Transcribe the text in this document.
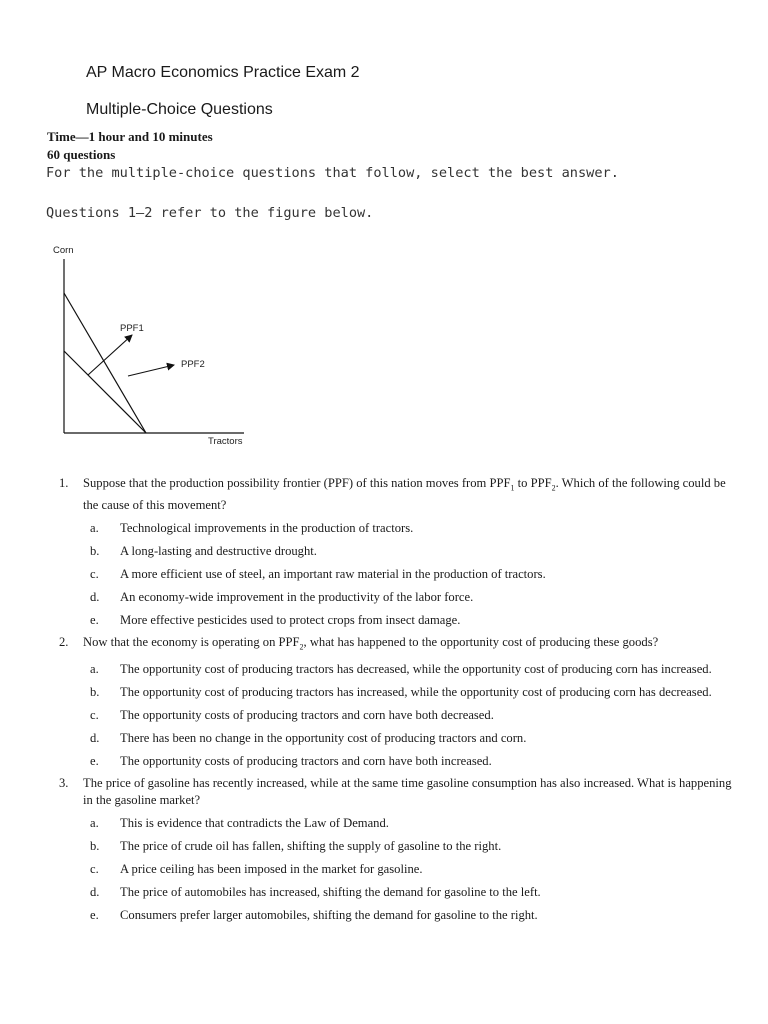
AP Macro Economics Practice Exam 2
Multiple-Choice Questions
Time—1 hour and 10 minutes
60 questions
For the multiple-choice questions that follow, select the best answer.
Questions 1–2 refer to the figure below.
Corn
PPF1
PPF2
Tractors
1. Suppose that the production possibility frontier (PPF) of this nation moves from $PPF_1$ to $PPF_2$. Which of the following could be the cause of this movement?
a. Technological improvements in the production of tractors.
b. A long-lasting and destructive drought.
c. A more efficient use of steel, an important raw material in the production of tractors.
d. An economy-wide improvement in the productivity of the labor force.
e. More effective pesticides used to protect crops from insect damage.
2. Now that the economy is operating on $PPF_2$, what has happened to the opportunity cost of producing these goods?
a. The opportunity cost of producing tractors has decreased, while the opportunity cost of producing corn has increased.
b. The opportunity cost of producing tractors has increased, while the opportunity cost of producing corn has decreased.
c. The opportunity costs of producing tractors and corn have both decreased.
d. There has been no change in the opportunity cost of producing tractors and corn.
e. The opportunity costs of producing tractors and corn have both increased.
3. The price of gasoline has recently increased, while at the same time gasoline consumption has also increased. What is happening in the gasoline market?
a. This is evidence that contradicts the Law of Demand.
b. The price of crude oil has fallen, shifting the supply of gasoline to the right.
c. A price ceiling has been imposed in the market for gasoline.
d. The price of automobiles has increased, shifting the demand for gasoline to the left.
e. Consumers prefer larger automobiles, shifting the demand for gasoline to the right.
